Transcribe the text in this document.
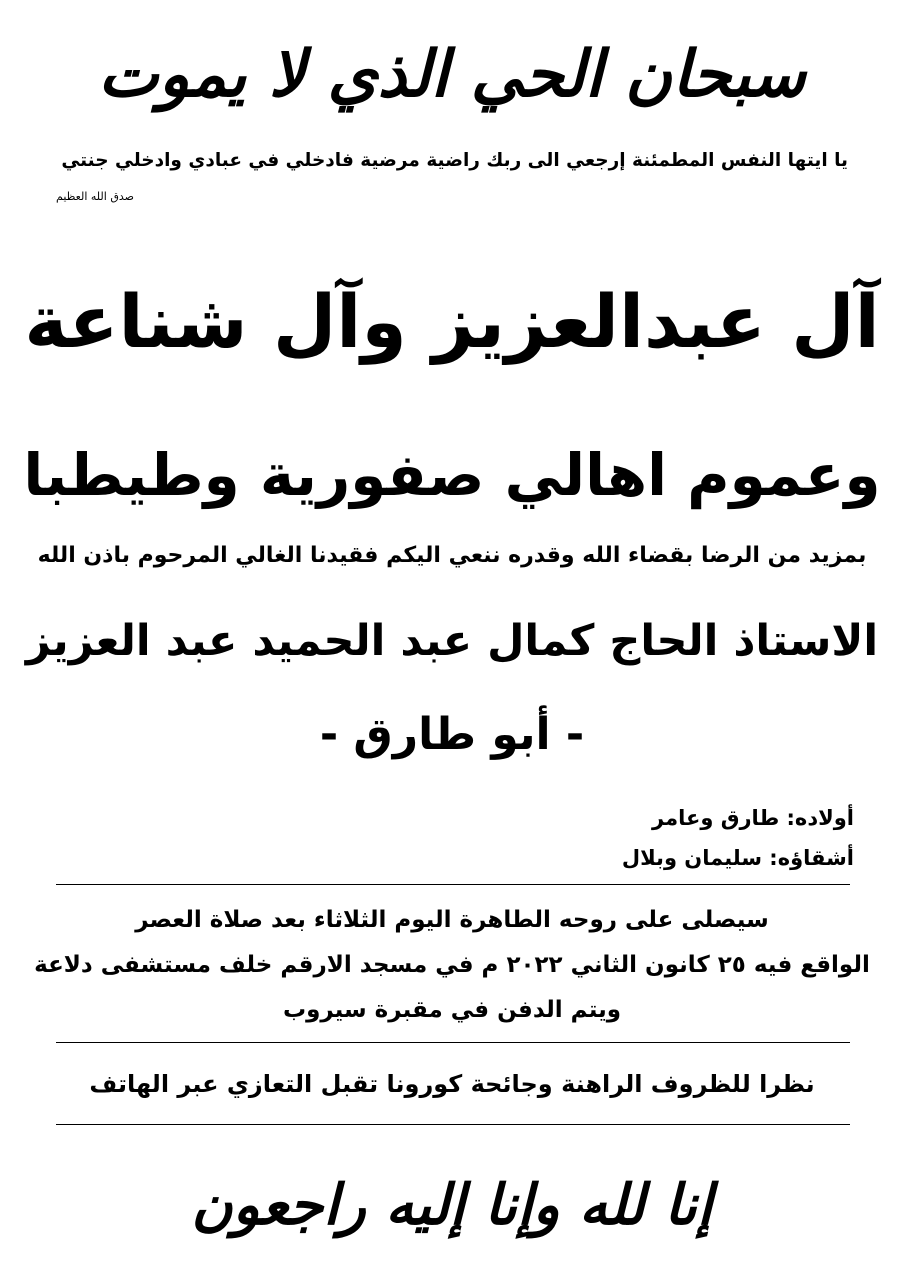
سبحان الحي الذي لا يموت
يا ايتها النفس المطمئنة إرجعي الى ربك راضية مرضية فادخلي في عبادي وادخلي جنتي
صدق الله العظيم
آل عبدالعزيز وآل شناعة
وعموم اهالي صفورية وطيطبا
بمزيد من الرضا بقضاء الله وقدره ننعي اليكم فقيدنا الغالي المرحوم باذن الله
الاستاذ الحاج كمال عبد الحميد عبد العزيز
- أبو طارق -
أولاده: طارق وعامر
أشقاؤه: سليمان وبلال
سيصلى على روحه الطاهرة اليوم الثلاثاء بعد صلاة العصر
الواقع فيه ٢٥ كانون الثاني ٢٠٢٢ م في مسجد الارقم خلف مستشفى دلاعة
ويتم الدفن في مقبرة سيروب
نظرا للظروف الراهنة وجائحة كورونا تقبل التعازي عبر الهاتف
إنا لله وإنا إليه راجعون
